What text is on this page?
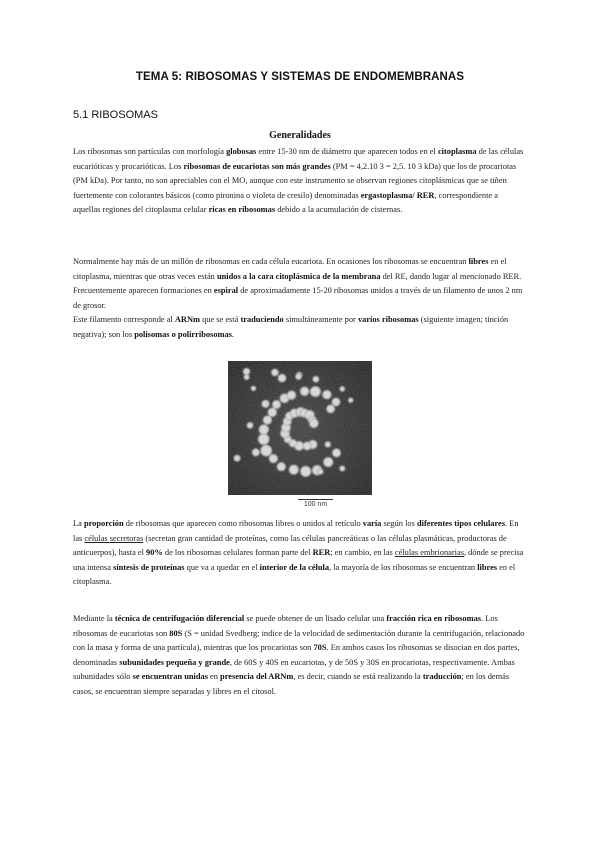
TEMA 5: RIBOSOMAS Y SISTEMAS DE ENDOMEMBRANAS
5.1 RIBOSOMAS
Generalidades

Los ribosomas son partículas con morfología globosas entre 15-30 nm de diámetro que aparecen todos en el citoplasma de las células eucarióticas y procarióticas. Los ribosomas de eucariotas son más grandes (PM = 4,2.10 3 = 2,5. 10 3 kDa) que los de procariotas (PM kDa). Por tanto, no son apreciables con el MO, aunque con este instrumento se observan regiones citoplásmicas que se tiñen fuertemente con colorantes básicos (como pironina o violeta de cresilo) denominadas ergastoplasma/ RER, correspondiente a aquellas regiones del citoplasma celular ricas en ribosomas debido a la acumulación de cisternas.

Normalmente hay más de un millón de ribosomas en cada célula eucariota. En ocasiones los ribosomas se encuentran libres en el citoplasma, mientras que otras veces están unidos a la cara citoplásmica de la membrana del RE, dando lugar al mencionado RER. Frecuentemente aparecen formaciones en espiral de aproximadamente 15-20 ribosomas unidos a través de un filamento de unos 2 nm de grosor.
Este filamento corresponde al ARNm que se está traduciendo simultáneamente por varios ribosomas (siguiente imagen; tinción negativa); son los polisomas o polirribosomas.

100 nm

La proporción de ribosomas que aparecen como ribosomas libres o unidos al retículo varía según los diferentes tipos celulares. En las células secretoras (secretan gran cantidad de proteínas, como las células pancreáticas o las células plasmáticas, productoras de anticuerpos), hasta el 90% de los ribosomas celulares forman parte del RER; en cambio, en las células embrionarias, dónde se precisa una intensa síntesis de proteínas que va a quedar en el interior de la célula, la mayoría de los ribosomas se encuentran libres en el citoplasma.

Mediante la técnica de centrifugación diferencial se puede obtener de un lisado celular una fracción rica en ribosomas. Los ribosomas de eucariotas son 80S (S = unidad Svedberg; indice de la velocidad de sedimentación durante la centrifugación, relacionado con la masa y forma de una partícula), mientras que los procariotas son 70S. En ambos casos los ribosomas se disocian en dos partes, denominadas subunidades pequeña y grande, de 60S y 40S en eucariotas, y de 50S y 30S en procariotas, respectivamente. Ambas subunidades sólo se encuentran unidas en presencia del ARNm, es decir, cuando se está realizando la traducción; en los demás casos, se encuentran siempre separadas y libres en el citosol.
